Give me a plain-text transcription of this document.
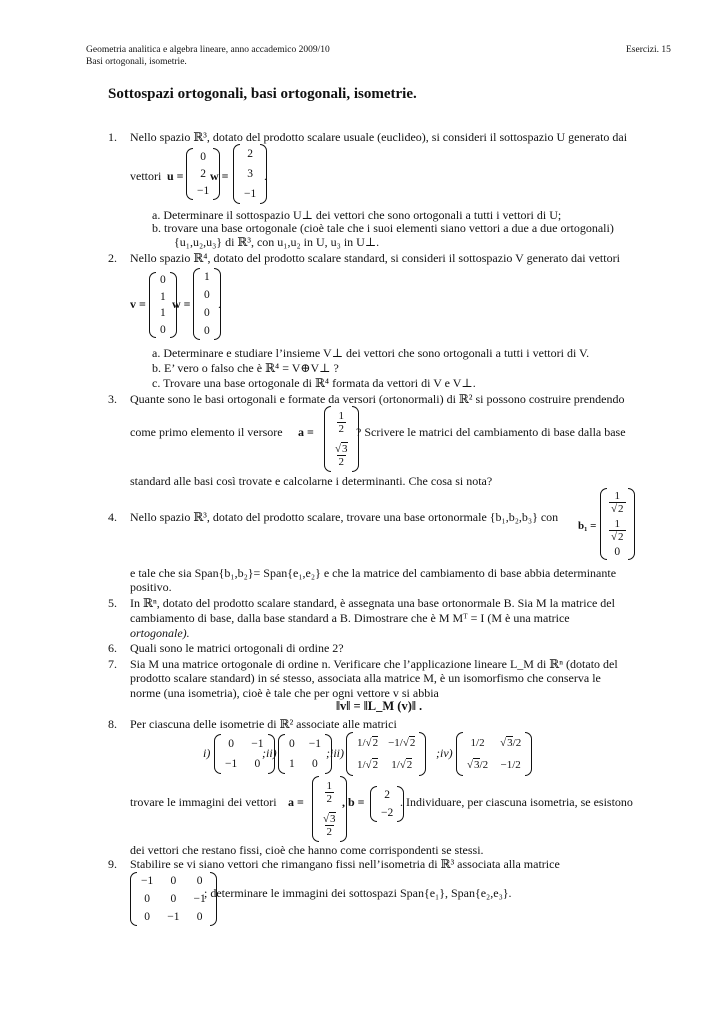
Geometria analitica e algebra lineare, anno accademico 2009/10
Basi ortogonali, isometrie.
Esercizi. 15
Sottospazi ortogonali, basi ortogonali, isometrie.
1. Nello spazio ℝ³, dotato del prodotto scalare usuale (euclideo), si consideri il sottospazio U generato dai
vettori u =
0
2
−1
w =
2
3
−1
.
a. Determinare il sottospazio U⊥ dei vettori che sono ortogonali a tutti i vettori di U;
b. trovare una base ortogonale (cioè tale che i suoi elementi siano vettori a due a due ortogonali)
{u₁,u₂,u₃} di ℝ³, con u₁,u₂ in U, u₃ in U⊥.
2. Nello spazio ℝ⁴, dotato del prodotto scalare standard, si consideri il sottospazio V generato dai vettori
v =
0
1
1
0
w =
1
0
0
0
.
a. Determinare e studiare l’insieme V⊥ dei vettori che sono ortogonali a tutti i vettori di V.
b. E’ vero o falso che è ℝ⁴ = V⊕V⊥ ?
c. Trovare una base ortogonale di ℝ⁴ formata da vettori di V e V⊥.
3. Quante sono le basi ortogonali e formate da versori (ortonormali) di ℝ² si possono costruire prendendo
come primo elemento il versore $a = \frac{1}{2}$
$\frac{√3}{2}$
? Scrivere le matrici del cambiamento di base dalla base
standard alle basi così trovate e calcolarne i determinanti. Che cosa si nota?
4. Nello spazio ℝ³, dotato del prodotto scalare, trovare una base ortonormale {b₁,b₂,b₃} con
b₁ =
$\frac{1}{√2}$
$\frac{1}{√2}$
0
e tale che sia Span{b₁,b₂}= Span{e₁,e₂} e che la matrice del cambiamento di base abbia determinante
positivo.
5. In ℝⁿ, dotato del prodotto scalare standard, è assegnata una base ortonormale B. Sia M la matrice del
cambiamento di base, dalla base standard a B. Dimostrare che è M Mᵀ = I (M è una matrice
ortogonale).
6. Quali sono le matrici ortogonali di ordine 2?
7. Sia M una matrice ortogonale di ordine n. Verificare che l’applicazione lineare L_M di ℝⁿ (dotato del
prodotto scalare standard) in sé stesso, associata alla matrice M, è un isomorfismo che conserva le
norme (una isometria), cioè è tale che per ogni vettore v si abbia
‖v‖ = ‖L_M (v)‖ .
8. Per ciascuna delle isometrie di ℝ² associate alle matrici
i)
0 −1
−1 0
;ii)
0 −1
1 0
;iii)
1/√2 −1/√2
1/√2 1/√2
;iv)
1/2 √3/2
√3/2 −1/2
trovare le immagini dei vettori $a = \frac{1}{2}$
$\frac{√3}{2}$
, b = 2
−2
. Individuare, per ciascuna isometria, se esistono
dei vettori che restano fissi, cioè che hanno come corrispondenti se stessi.
9. Stabilire se vi siano vettori che rimangano fissi nell’isometria di ℝ³ associata alla matrice
−1 0 0
0 0 −1
0 −1 0
; determinare le immagini dei sottospazi Span{e₁}, Span{e₂,e₃}.
